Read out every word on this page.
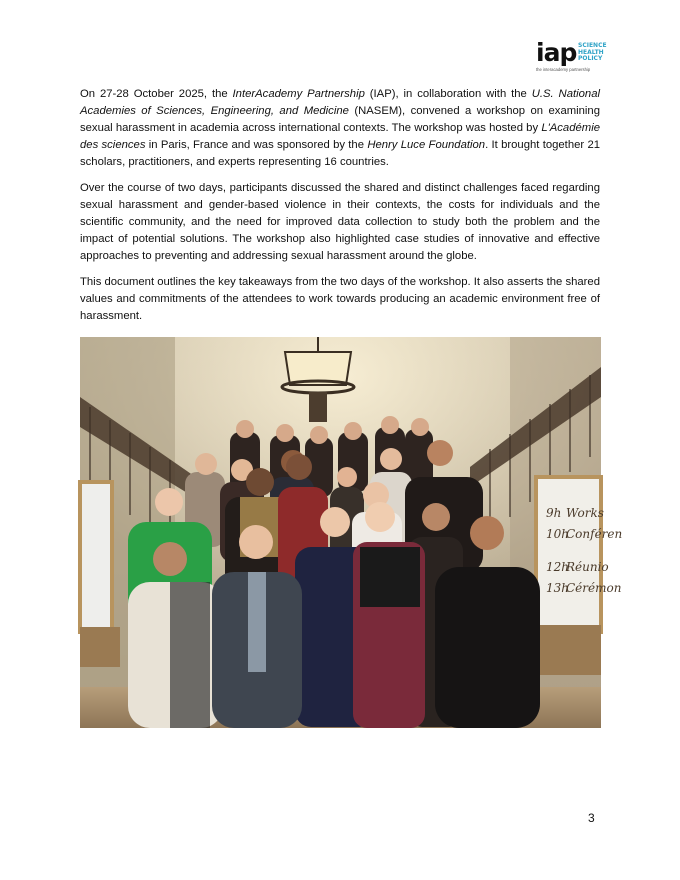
iap SCIENCE
HEALTH
POLICY
the interacademy partnership

On 27-28 October 2025, the InterAcademy Partnership (IAP), in collaboration with the U.S. National Academies of Sciences, Engineering, and Medicine (NASEM), convened a workshop on examining sexual harassment in academia across international contexts. The workshop was hosted by L'Académie des sciences in Paris, France and was sponsored by the Henry Luce Foundation. It brought together 21 scholars, practitioners, and experts representing 16 countries.

Over the course of two days, participants discussed the shared and distinct challenges faced regarding sexual harassment and gender-based violence in their contexts, the costs for individuals and the scientific community, and the need for improved data collection to study both the problem and the impact of potential solutions. The workshop also highlighted case studies of innovative and effective approaches to preventing and addressing sexual harassment around the globe.

This document outlines the key takeaways from the two days of the workshop. It also asserts the shared values and commitments of the attendees to work towards producing an academic environment free of harassment.

9h Works
10h
Conféren
12h
Réunio
13h
Cérémon
3
